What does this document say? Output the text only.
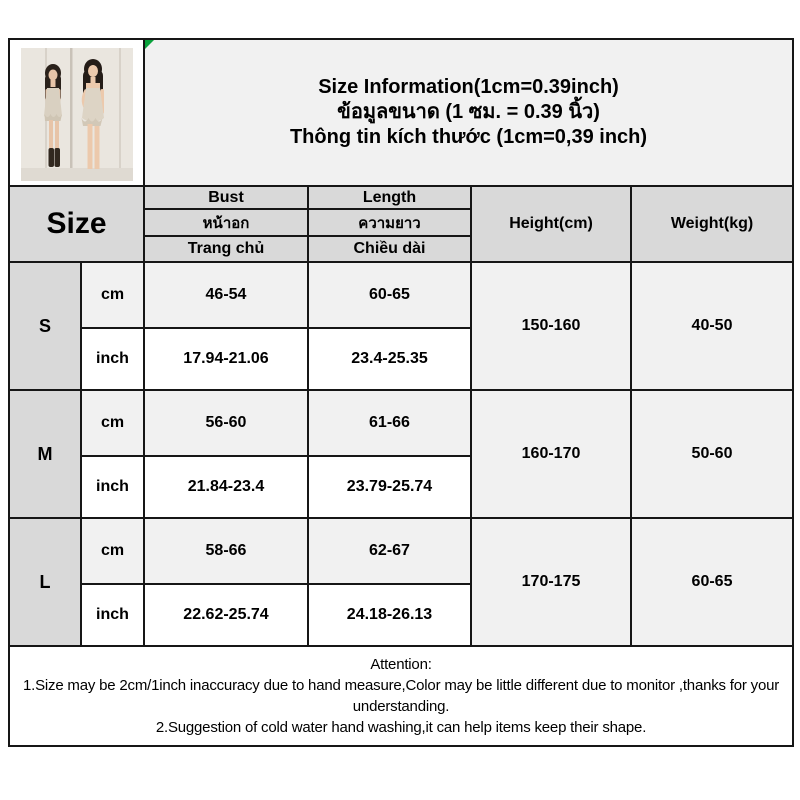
Size Information(1cm=0.39inch)
ข้อมูลขนาด (1 ซม. = 0.39 นิ้ว)
Thông tin kích thước (1cm=0,39 inch)			

Size		Bust	Length	Height(cm)	Weight(kg)
		หน้าอก	ความยาว		
		Trang chủ	Chiều dài		
S	cm	46-54	60-65	150-160	40-50
	inch	17.94-21.06	23.4-25.35		
M	cm	56-60	61-66	160-170	50-60
	inch	21.84-23.4	23.79-25.74		
L	cm	58-66	62-67	170-175	60-65
	inch	22.62-25.74	24.18-26.13		

Attention:

1.Size may be 2cm/1inch inaccuracy due to hand measure,Color may be little different due to monitor ,thanks for your understanding.

2.Suggestion of cold water hand washing,it can help items keep their shape.					
